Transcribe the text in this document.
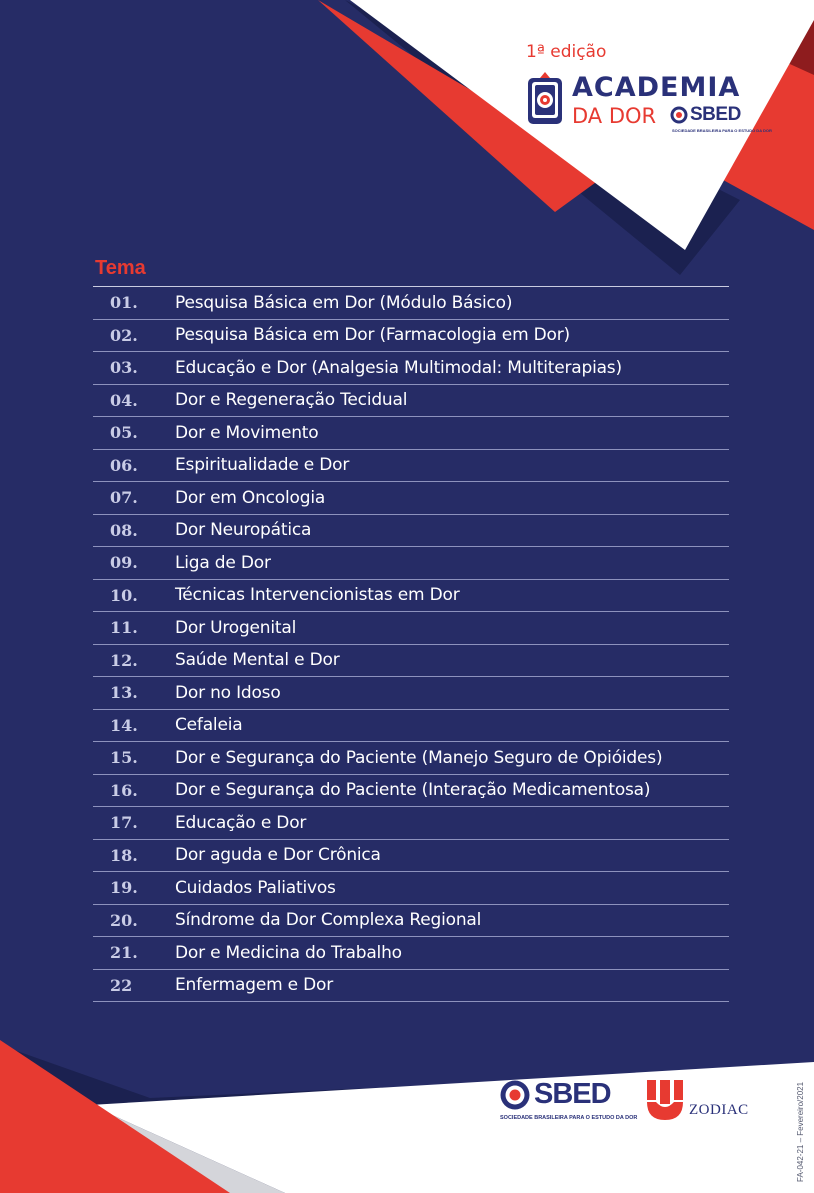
1ª edição
ACADEMIA
DA DOR SBED
SOCIEDADE BRASILEIRA PARA O ESTUDO DA DOR
Tema
01.	Pesquisa Básica em Dor (Módulo Básico)
02.	Pesquisa Básica em Dor (Farmacologia em Dor)
03.	Educação e Dor (Analgesia Multimodal: Multiterapias)
04.	Dor e Regeneração Tecidual
05.	Dor e Movimento
06.	Espiritualidade e Dor
07.	Dor em Oncologia
08.	Dor Neuropática
09.	Liga de Dor
10.	Técnicas Intervencionistas em Dor
11.	Dor Urogenital
12.	Saúde Mental e Dor
13.	Dor no Idoso
14.	Cefaleia
15.	Dor e Segurança do Paciente (Manejo Seguro de Opióides)
16.	Dor e Segurança do Paciente (Interação Medicamentosa)
17.	Educação e Dor
18.	Dor aguda e Dor Crônica
19.	Cuidados Paliativos
20.	Síndrome da Dor Complexa Regional
21.	Dor e Medicina do Trabalho
22	Enfermagem e Dor
SBED
SOCIEDADE BRASILEIRA PARA O ESTUDO DA DOR	ZODIAC	FA-042-21 – Fevereiro/2021
